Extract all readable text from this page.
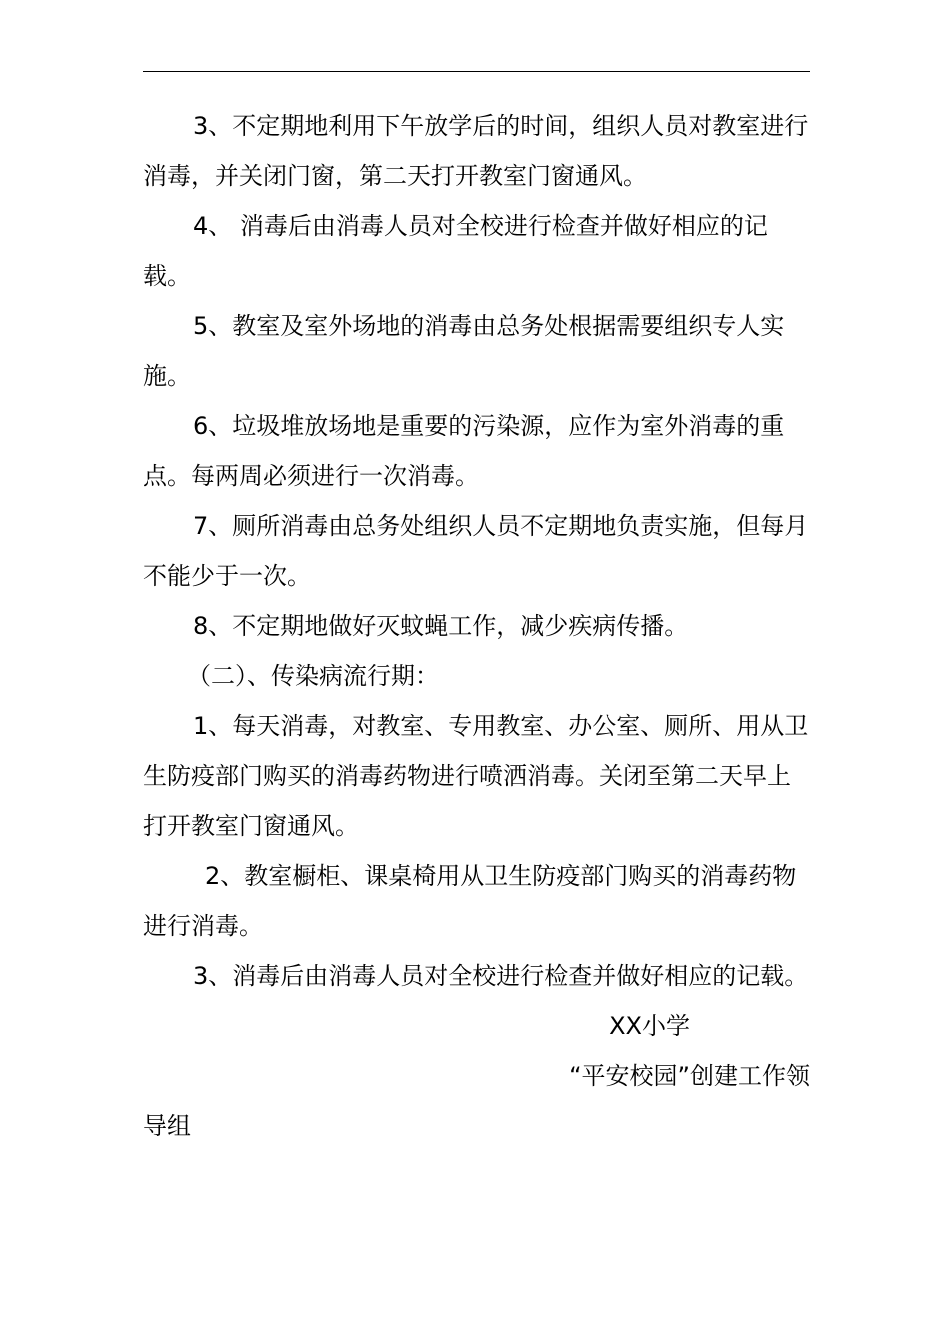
3、不定期地利用下午放学后的时间，组织人员对教室进行消毒，并关闭门窗，第二天打开教室门窗通风。

4、 消毒后由消毒人员对全校进行检查并做好相应的记载。

5、教室及室外场地的消毒由总务处根据需要组织专人实施。

6、垃圾堆放场地是重要的污染源，应作为室外消毒的重点。每两周必须进行一次消毒。

7、厕所消毒由总务处组织人员不定期地负责实施，但每月不能少于一次。

8、不定期地做好灭蚊蝇工作，减少疾病传播。

（二）、传染病流行期：

1、每天消毒，对教室、专用教室、办公室、厕所、用从卫生防疫部门购买的消毒药物进行喷洒消毒。关闭至第二天早上打开教室门窗通风。

2、教室橱柜、课桌椅用从卫生防疫部门购买的消毒药物进行消毒。

3、消毒后由消毒人员对全校进行检查并做好相应的记载。

XX小学

“平安校园”创建工作领

导组
